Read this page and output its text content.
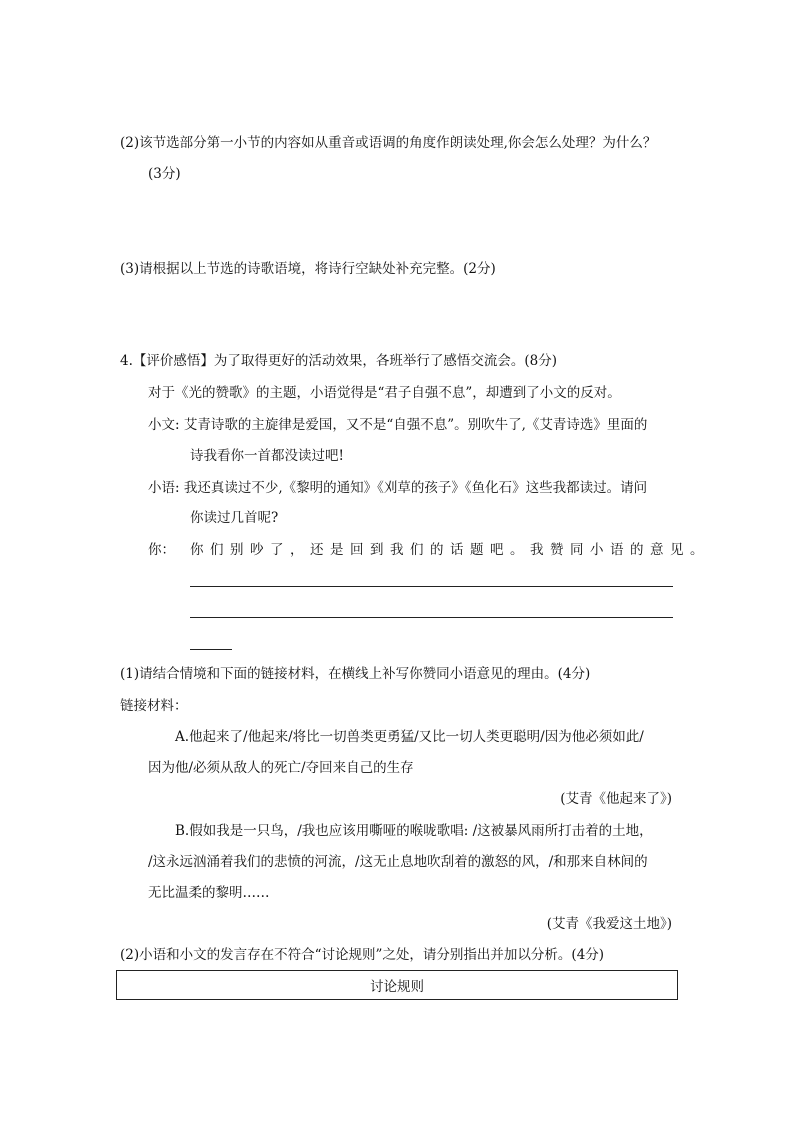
(2)该节选部分第一小节的内容如从重音或语调的角度作朗读处理,你会怎么处理？为什么？
(3分)
(3)请根据以上节选的诗歌语境，将诗行空缺处补充完整。(2分)
4.【评价感悟】为了取得更好的活动效果，各班举行了感悟交流会。(8分)
对于《光的赞歌》的主题，小语觉得是“君子自强不息”，却遭到了小文的反对。
小文: 艾青诗歌的主旋律是爱国，又不是“自强不息”。别吹牛了,《艾青诗选》里面的
诗我看你一首都没读过吧!
小语: 我还真读过不少,《黎明的通知》《刈草的孩子》《鱼化石》这些我都读过。请问
你读过几首呢?
你： 你们别吵了，还是回到我们的话题吧。我赞同小语的意见。
(1)请结合情境和下面的链接材料，在横线上补写你赞同小语意见的理由。(4分)
链接材料：
A.他起来了/他起来/将比一切兽类更勇猛/又比一切人类更聪明/因为他必须如此/
因为他/必须从敌人的死亡/夺回来自己的生存
(艾青《他起来了》)
B.假如我是一只鸟，/我也应该用嘶哑的喉咙歌唱: /这被暴风雨所打击着的土地，
/这永远汹涌着我们的悲愤的河流，/这无止息地吹刮着的激怒的风，/和那来自林间的
无比温柔的黎明……
(艾青《我爱这土地》)
(2)小语和小文的发言存在不符合“讨论规则”之处，请分别指出并加以分析。(4分)
讨论规则
